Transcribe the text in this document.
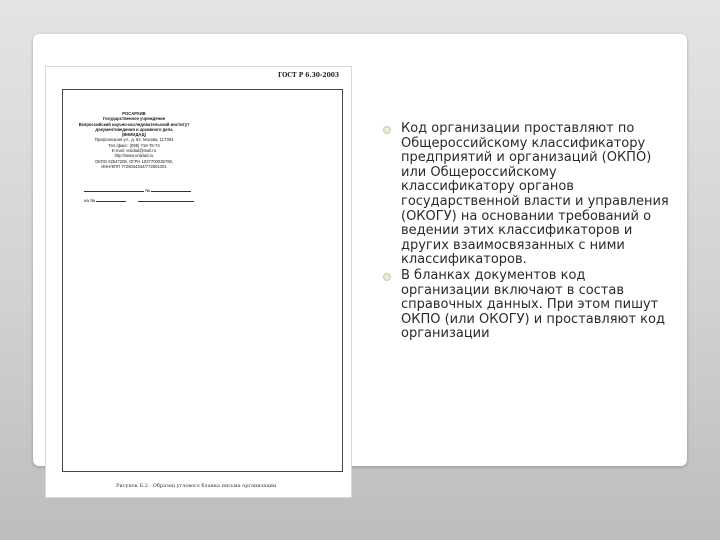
ГОСТ Р 6.30-2003
РОСАРХИВ
Государственное учреждение
Всероссийский научно-исследовательский институт
документоведения и архивного дела
(ВНИИДАД)
Профсоюзная ул., д. 82, Москва, 117393
Тел./факс: (095) 718-78-74
E-mail: vniidad@mail.ru
http://www.vniidad.ru
ОКПО 02547208, ОГРН 1027700035768,
ИНН/КПП 7728034344/772801001
№
на №
Рисунок Б.2 - Образец углового бланка письма организации
Код организации проставляют по Общероссийскому классификатору предприятий и организаций (ОКПО) или Общероссийскому классификатору органов государственной власти и управления (ОКОГУ) на основании требований о ведении этих классификаторов и других взаимосвязанных с ними классификаторов.
В бланках документов код организации включают в состав справочных данных. При этом пишут ОКПО (или ОКОГУ) и проставляют код организации
